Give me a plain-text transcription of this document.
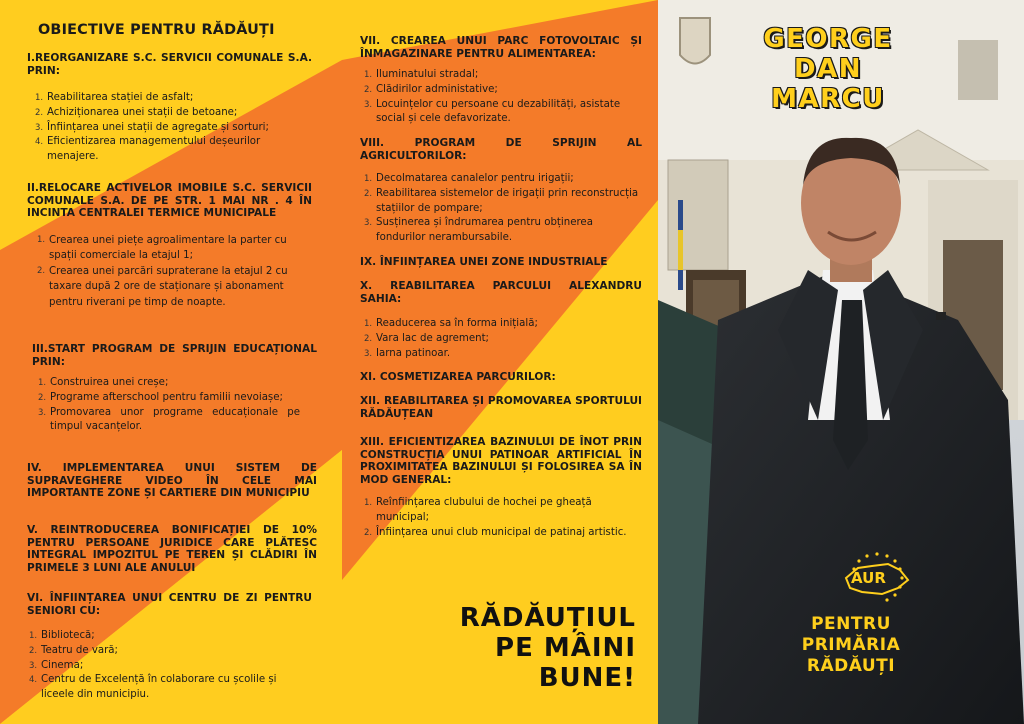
OBIECTIVE PENTRU RĂDĂUȚI
I.REORGANIZARE S.C. SERVICII COMUNALE S.A. PRIN:
1. Reabilitarea stației de asfalt;
2. Achiziționarea unei stații de betoane;
3. Înființarea unei stații de agregate și sorturi;
4. Eficientizarea managementului deșeurilor menajere.
II.RELOCARE ACTIVELOR IMOBILE S.C. SERVICII COMUNALE S.A. DE PE STR. 1 MAI NR . 4 ÎN INCINTA CENTRALEI TERMICE MUNICIPALE
1. Crearea unei piețe agroalimentare la parter cu spații comerciale la etajul 1;
2. Crearea unei parcări supraterane la etajul 2 cu taxare după 2 ore de staționare și abonament pentru riverani pe timp de noapte.
III.START PROGRAM DE SPRIJIN EDUCAȚIONAL PRIN:
1. Construirea unei creșe;
2. Programe afterschool pentru familii nevoiașe;
3. Promovarea unor programe educaționale pe timpul vacanțelor.
IV. IMPLEMENTAREA UNUI SISTEM DE SUPRAVEGHERE VIDEO ÎN CELE MAI IMPORTANTE ZONE ȘI CARTIERE DIN MUNICIPIU
V. REINTRODUCEREA BONIFICAȚIEI DE 10% PENTRU PERSOANE JURIDICE CARE PLĂTESC INTEGRAL IMPOZITUL PE TEREN ȘI CLĂDIRI ÎN PRIMELE 3 LUNI ALE ANULUI
VI. ÎNFIINȚAREA UNUI CENTRU DE ZI PENTRU SENIORI CU:
1. Bibliotecă;
2. Teatru de vară;
3. Cinema;
4. Centru de Excelență în colaborare cu școlile și liceele din municipiu.
VII. CREAREA UNUI PARC FOTOVOLTAIC ȘI ÎNMAGAZINARE PENTRU ALIMENTAREA:
1. Iluminatului stradal;
2. Clădirilor administative;
3. Locuințelor cu persoane cu dezabilități, asistate social și cele defavorizate.
VIII. PROGRAM DE SPRIJIN AL AGRICULTORILOR:
1. Decolmatarea canalelor pentru irigații;
2. Reabilitarea sistemelor de irigații prin reconstrucția stațiilor de pompare;
3. Susținerea și îndrumarea pentru obținerea fondurilor nerambursabile.
IX. ÎNFIINȚAREA UNEI ZONE INDUSTRIALE
X. REABILITAREA PARCULUI ALEXANDRU SAHIA:
1. Readucerea sa în forma inițială;
2. Vara lac de agrement;
3. Iarna patinoar.
XI. COSMETIZAREA PARCURILOR:
XII. REABILITAREA ȘI PROMOVAREA SPORTULUI RĂDĂUȚEAN
XIII. EFICIENTIZAREA BAZINULUI DE ÎNOT PRIN CONSTRUCȚIA UNUI PATINOAR ARTIFICIAL ÎN PROXIMITATEA BAZINULUI ȘI FOLOSIREA SA ÎN MOD GENERAL:
1. Reînființarea clubului de hochei pe gheață municipal;
2. Înființarea unui club municipal de patinaj artistic.
RĂDĂUȚIUL
PE MÂINI
BUNE!
GEORGE
DAN
MARCU
AUR
PENTRU
PRIMĂRIA
RĂDĂUȚI
